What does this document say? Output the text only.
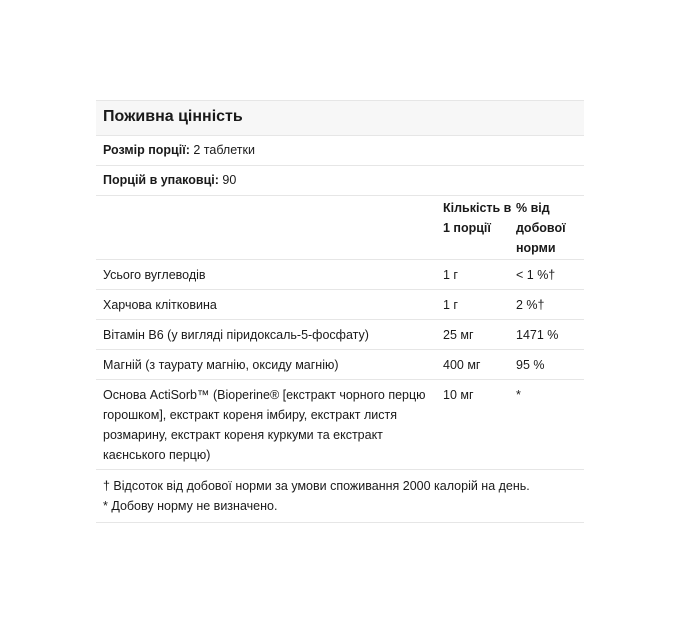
Поживна цінність
Розмір порції: 2 таблетки
Порцій в упаковці: 90
	Кількість в 1 порції	% від добової норми
Усього вуглеводів	1 г	< 1 %†
Харчова клітковина	1 г	2 %†
Вітамін B6 (у вигляді піридоксаль-5-фосфату)	25 мг	1471 %
Магній (з таурату магнію, оксиду магнію)	400 мг	95 %
Основа ActiSorb™ (Bioperine® [екстракт чорного перцю горошком], екстракт кореня імбиру, екстракт листя розмарину, екстракт кореня куркуми та екстракт каєнського перцю)	10 мг	*
† Відсоток від добової норми за умови споживання 2000 калорій на день.
* Добову норму не визначено.
